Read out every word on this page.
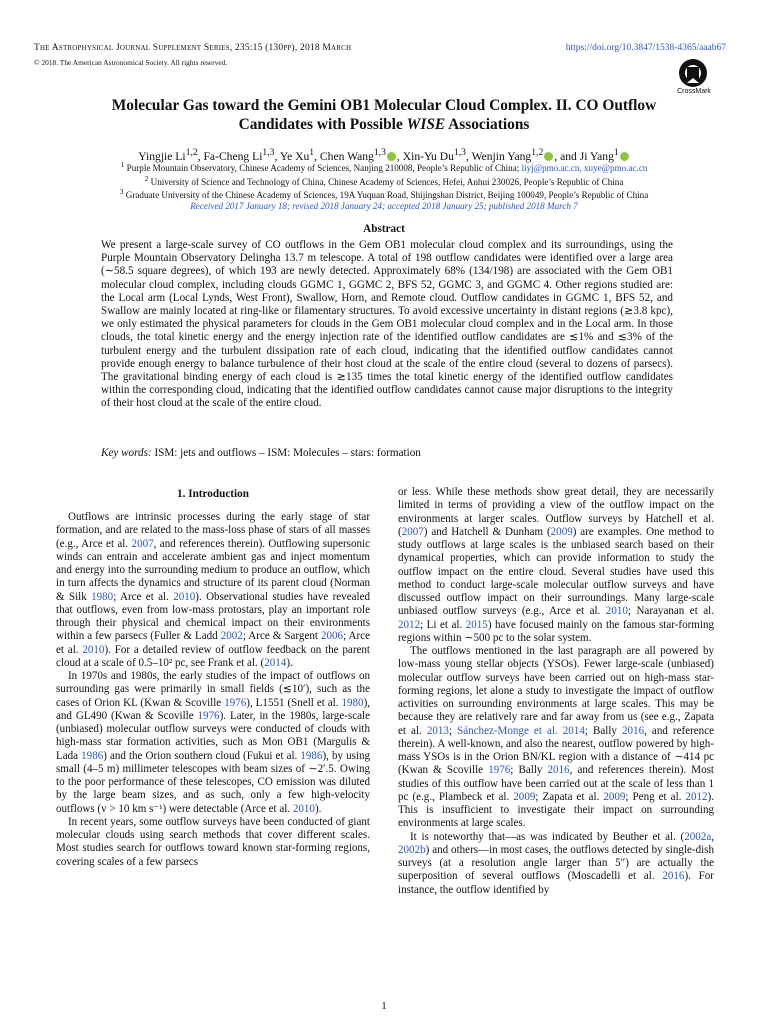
The Astrophysical Journal Supplement Series, 235:15 (130pp), 2018 March
© 2018. The American Astronomical Society. All rights reserved.
https://doi.org/10.3847/1538-4365/aaab67
CrossMark
Molecular Gas toward the Gemini OB1 Molecular Cloud Complex. II. CO Outflow
Candidates with Possible WISE Associations
Yingjie Li$^{1,2}$, Fa-Cheng Li$^{1,3}$, Ye Xu$^1$, Chen Wang$^{1,3}$ , Xin-Yu Du$^{1,3}$, Wenjin Yang$^{1,2}$ , and Ji Yang$^1$
$^1$ Purple Mountain Observatory, Chinese Academy of Sciences, Nanjing 210008, People’s Republic of China; liyj@pmo.ac.cn, xuye@pmo.ac.cn
$^2$ University of Science and Technology of China, Chinese Academy of Sciences, Hefei, Anhui 230026, People’s Republic of China
$^3$ Graduate University of the Chinese Academy of Sciences, 19A Yuquan Road, Shijingshan District, Beijing 100049, People’s Republic of China
Received 2017 January 18; revised 2018 January 24; accepted 2018 January 25; published 2018 March 7
Abstract
We present a large-scale survey of CO outflows in the Gem OB1 molecular cloud complex and its surroundings, using the Purple Mountain Observatory Delingha 13.7 m telescope. A total of 198 outflow candidates were identified over a large area (∼58.5 square degrees), of which 193 are newly detected. Approximately 68% (134/198) are associated with the Gem OB1 molecular cloud complex, including clouds GGMC 1, GGMC 2, BFS 52, GGMC 3, and GGMC 4. Other regions studied are: the Local arm (Local Lynds, West Front), Swallow, Horn, and Remote cloud. Outflow candidates in GGMC 1, BFS 52, and Swallow are mainly located at ring-like or filamentary structures. To avoid excessive uncertainty in distant regions (≳3.8 kpc), we only estimated the physical parameters for clouds in the Gem OB1 molecular cloud complex and in the Local arm. In those clouds, the total kinetic energy and the energy injection rate of the identified outflow candidates are ≲1% and ≲3% of the turbulent energy and the turbulent dissipation rate of each cloud, indicating that the identified outflow candidates cannot provide enough energy to balance turbulence of their host cloud at the scale of the entire cloud (several to dozens of parsecs). The gravitational binding energy of each cloud is ≳135 times the total kinetic energy of the identified outflow candidates within the corresponding cloud, indicating that the identified outflow candidates cannot cause major disruptions to the integrity of their host cloud at the scale of the entire cloud.
Key words: ISM: jets and outflows – ISM: Molecules – stars: formation
1. Introduction

Outflows are intrinsic processes during the early stage of star formation, and are related to the mass-loss phase of stars of all masses (e.g., Arce et al. 2007, and references therein). Outflowing supersonic winds can entrain and accelerate ambient gas and inject momentum and energy into the surrounding medium to produce an outflow, which in turn affects the dynamics and structure of its parent cloud (Norman & Silk 1980; Arce et al. 2010). Observational studies have revealed that outflows, even from low-mass protostars, play an important role through their physical and chemical impact on their environments within a few parsecs (Fuller & Ladd 2002; Arce & Sargent 2006; Arce et al. 2010). For a detailed review of outflow feedback on the parent cloud at a scale of 0.5–10² pc, see Frank et al. (2014).

In 1970s and 1980s, the early studies of the impact of outflows on surrounding gas were primarily in small fields (≲10′), such as the cases of Orion KL (Kwan & Scoville 1976), L1551 (Snell et al. 1980), and GL490 (Kwan & Scoville 1976). Later, in the 1980s, large-scale (unbiased) molecular outflow surveys were conducted of clouds with high-mass star formation activities, such as Mon OB1 (Margulis & Lada 1986) and the Orion southern cloud (Fukui et al. 1986), by using small (4–5 m) millimeter telescopes with beam sizes of ∼2′.5. Owing to the poor performance of these telescopes, CO emission was diluted by the large beam sizes, and as such, only a few high-velocity outflows (v > 10 km s⁻¹) were detectable (Arce et al. 2010).

In recent years, some outflow surveys have been conducted of giant molecular clouds using search methods that cover different scales. Most studies search for outflows toward known star-forming regions, covering scales of a few parsecs

or less. While these methods show great detail, they are necessarily limited in terms of providing a view of the outflow impact on the environments at larger scales. Outflow surveys by Hatchell et al. (2007) and Hatchell & Dunham (2009) are examples. One method to study outflows at large scales is the unbiased search based on their dynamical properties, which can provide information to study the outflow impact on the entire cloud. Several studies have used this method to conduct large-scale molecular outflow surveys and have discussed outflow impact on their surroundings. Many large-scale unbiased outflow surveys (e.g., Arce et al. 2010; Narayanan et al. 2012; Li et al. 2015) have focused mainly on the famous star-forming regions within ∼500 pc to the solar system.

The outflows mentioned in the last paragraph are all powered by low-mass young stellar objects (YSOs). Fewer large-scale (unbiased) molecular outflow surveys have been carried out on high-mass star-forming regions, let alone a study to investigate the impact of outflow activities on surrounding environments at large scales. This may be because they are relatively rare and far away from us (see e.g., Zapata et al. 2013; Sánchez-Monge et al. 2014; Bally 2016, and reference therein). A well-known, and also the nearest, outflow powered by high-mass YSOs is in the Orion BN/KL region with a distance of ∼414 pc (Kwan & Scoville 1976; Bally 2016, and references therein). Most studies of this outflow have been carried out at the scale of less than 1 pc (e.g., Plambeck et al. 2009; Zapata et al. 2009; Peng et al. 2012). This is insufficient to investigate their impact on surrounding environments at large scales.

It is noteworthy that—as was indicated by Beuther et al. (2002a, 2002b) and others—in most cases, the outflows detected by single-dish surveys (at a resolution angle larger than 5″) are actually the superposition of several outflows (Moscadelli et al. 2016). For instance, the outflow identified by

1
